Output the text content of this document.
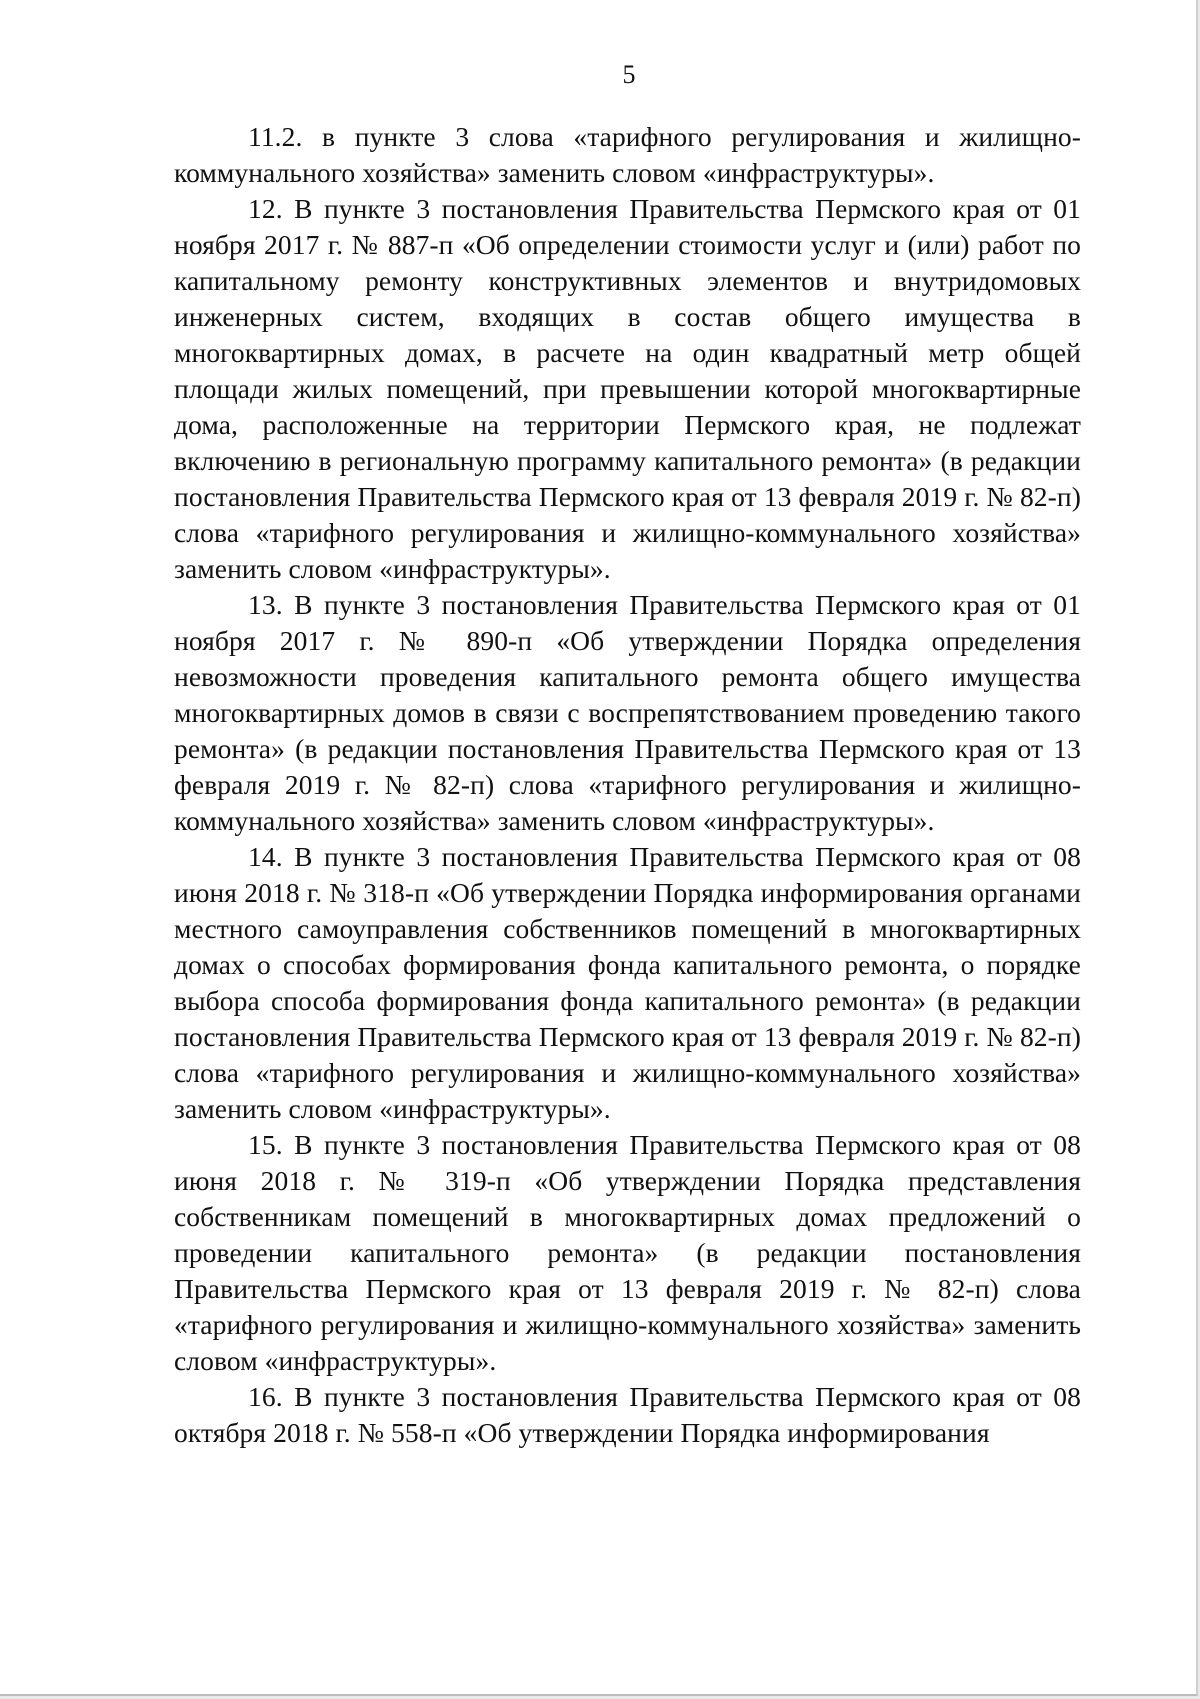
5

11.2. в пункте 3 слова «тарифного регулирования и жилищно-коммунального хозяйства» заменить словом «инфраструктуры».

12. В пункте 3 постановления Правительства Пермского края от 01 ноября 2017 г. № 887-п «Об определении стоимости услуг и (или) работ по капитальному ремонту конструктивных элементов и внутридомовых инженерных систем, входящих в состав общего имущества в многоквартирных домах, в расчете на один квадратный метр общей площади жилых помещений, при превышении которой многоквартирные дома, расположенные на территории Пермского края, не подлежат включению в региональную программу капитального ремонта» (в редакции постановления Правительства Пермского края от 13 февраля 2019 г. № 82-п) слова «тарифного регулирования и жилищно-коммунального хозяйства» заменить словом «инфраструктуры».

13. В пункте 3 постановления Правительства Пермского края от 01 ноября 2017 г. № 890-п «Об утверждении Порядка определения невозможности проведения капитального ремонта общего имущества многоквартирных домов в связи с воспрепятствованием проведению такого ремонта» (в редакции постановления Правительства Пермского края от 13 февраля 2019 г. № 82-п) слова «тарифного регулирования и жилищно-коммунального хозяйства» заменить словом «инфраструктуры».

14. В пункте 3 постановления Правительства Пермского края от 08 июня 2018 г. № 318-п «Об утверждении Порядка информирования органами местного самоуправления собственников помещений в многоквартирных домах о способах формирования фонда капитального ремонта, о порядке выбора способа формирования фонда капитального ремонта» (в редакции постановления Правительства Пермского края от 13 февраля 2019 г. № 82-п) слова «тарифного регулирования и жилищно-коммунального хозяйства» заменить словом «инфраструктуры».

15. В пункте 3 постановления Правительства Пермского края от 08 июня 2018 г. № 319-п «Об утверждении Порядка представления собственникам помещений в многоквартирных домах предложений о проведении капитального ремонта» (в редакции постановления Правительства Пермского края от 13 февраля 2019 г. № 82-п) слова «тарифного регулирования и жилищно-коммунального хозяйства» заменить словом «инфраструктуры».

16. В пункте 3 постановления Правительства Пермского края от 08 октября 2018 г. № 558-п «Об утверждении Порядка информирования
